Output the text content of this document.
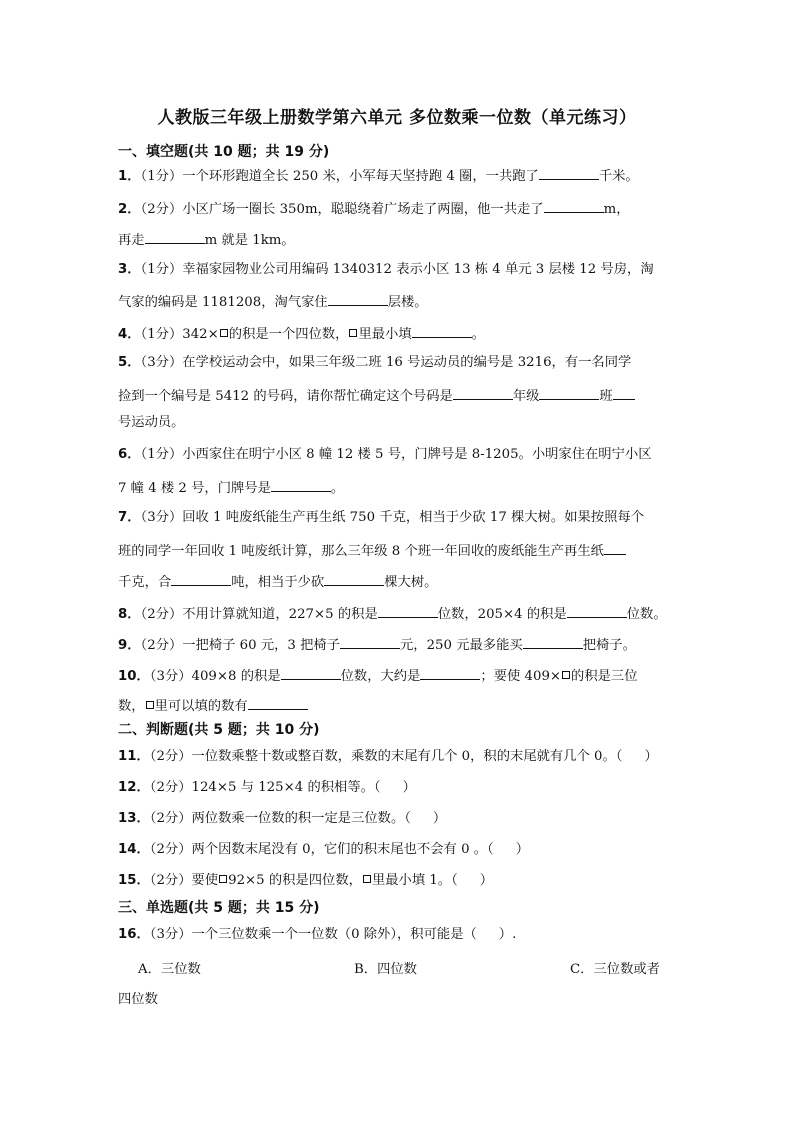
人教版三年级上册数学第六单元 多位数乘一位数（单元练习）
一、填空题(共 10 题；共 19 分)
1．（1分）一个环形跑道全长 250 米，小军每天坚持跑 4 圈，一共跑了	千米。
2．（2分）小区广场一圈长 350m，聪聪绕着广场走了两圈，他一共走了	m，
再走	m 就是 1km。
3．（1分）幸福家园物业公司用编码 1340312 表示小区 13 栋 4 单元 3 层楼 12 号房，淘
气家的编码是 1181208，淘气家住	层楼。
4．（1分）342× 的积是一个四位数， 里最小填	。
5．（3分）在学校运动会中，如果三年级二班 16 号运动员的编号是 3216，有一名同学
捡到一个编号是 5412 的号码，请你帮忙确定这个号码是	年级	班
号运动员。
6．（1分）小西家住在明宁小区 8 幢 12 楼 5 号，门牌号是 8-1205。小明家住在明宁小区
7 幢 4 楼 2 号，门牌号是	。
7．（3分）回收 1 吨废纸能生产再生纸 750 千克，相当于少砍 17 棵大树。如果按照每个
班的同学一年回收 1 吨废纸计算，那么三年级 8 个班一年回收的废纸能生产再生纸
千克，合	吨，相当于少砍	棵大树。
8．（2分）不用计算就知道，227×5 的积是	位数，205×4 的积是	位数。
9．（2分）一把椅子 60 元，3 把椅子	元，250 元最多能买	把椅子。
10．（3分）409×8 的积是	位数，大约是	；要使 409× 的积是三位
数， 里可以填的数有
二、判断题(共 5 题；共 10 分)
11．（2分）一位数乘整十数或整百数，乘数的末尾有几个 0，积的末尾就有几个 0。（ ）
12．（2分）124×5 与 125×4 的积相等。（ ）
13．（2分）两位数乘一位数的积一定是三位数。（ ）
14．（2分）两个因数末尾没有 0，它们的积末尾也不会有 0 。（ ）
15．（2分）要使 92×5 的积是四位数， 里最小填 1。（ ）
三、单选题(共 5 题；共 15 分)
16．（3分）一个三位数乘一个一位数（0 除外），积可能是（ ）.
A．三位数	B．四位数	C．三位数或者
四位数
